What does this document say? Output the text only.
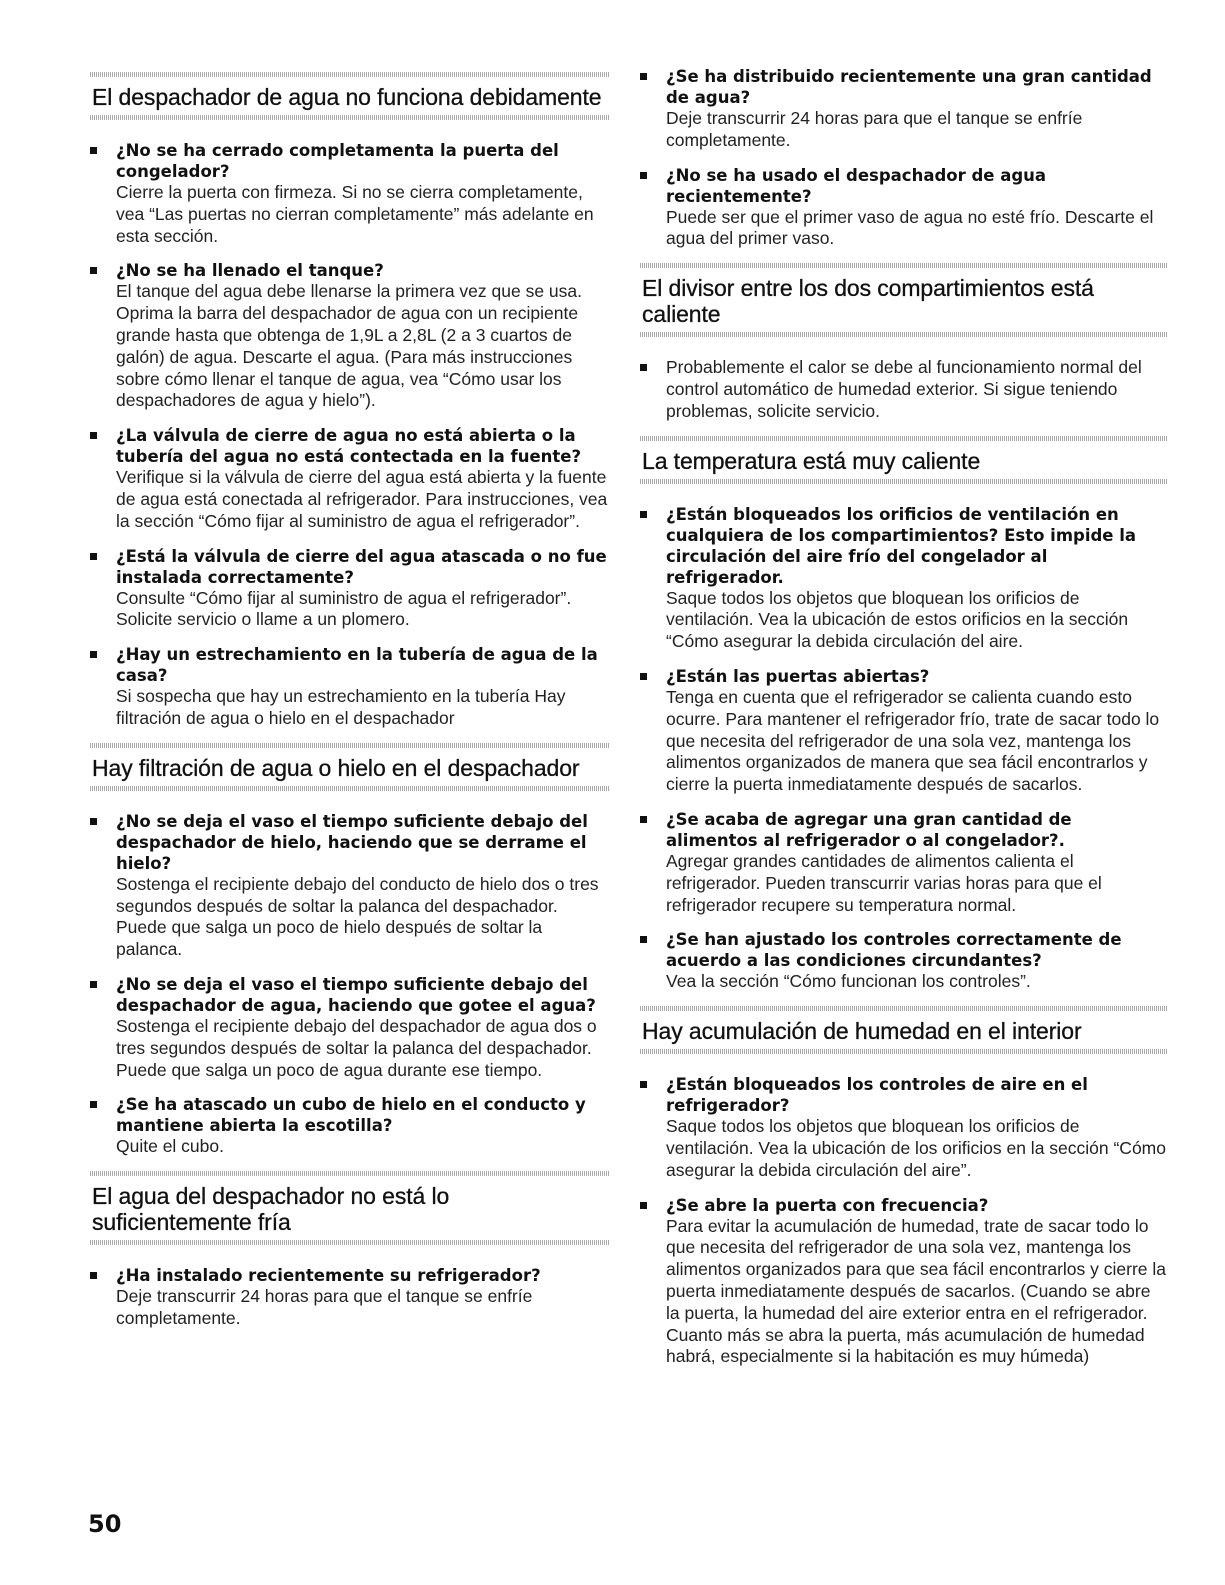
El despachador de agua no funciona debidamente
¿No se ha cerrado completamenta la puerta del congelador?
Cierre la puerta con firmeza. Si no se cierra completamente, vea “Las puertas no cierran completamente” más adelante en esta sección.
¿No se ha llenado el tanque?
El tanque del agua debe llenarse la primera vez que se usa. Oprima la barra del despachador de agua con un recipiente grande hasta que obtenga de 1,9L a 2,8L (2 a 3 cuartos de galón) de agua. Descarte el agua. (Para más instrucciones sobre cómo llenar el tanque de agua, vea “Cómo usar los despachadores de agua y hielo”).
¿La válvula de cierre de agua no está abierta o la tubería del agua no está contectada en la fuente?
Verifique si la válvula de cierre del agua está abierta y la fuente de agua está conectada al refrigerador. Para instrucciones, vea la sección “Cómo fijar al suministro de agua el refrigerador”.
¿Está la válvula de cierre del agua atascada o no fue instalada correctamente?
Consulte “Cómo fijar al suministro de agua el refrigerador”. Solicite servicio o llame a un plomero.
¿Hay un estrechamiento en la tubería de agua de la casa?
Si sospecha que hay un estrechamiento en la tubería Hay filtración de agua o hielo en el despachador
Hay filtración de agua o hielo en el despachador
¿No se deja el vaso el tiempo suficiente debajo del despachador de hielo, haciendo que se derrame el hielo?
Sostenga el recipiente debajo del conducto de hielo dos o tres segundos después de soltar la palanca del despachador. Puede que salga un poco de hielo después de soltar la palanca.
¿No se deja el vaso el tiempo suficiente debajo del despachador de agua, haciendo que gotee el agua?
Sostenga el recipiente debajo del despachador de agua dos o tres segundos después de soltar la palanca del despachador. Puede que salga un poco de agua durante ese tiempo.
¿Se ha atascado un cubo de hielo en el conducto y mantiene abierta la escotilla?
Quite el cubo.
El agua del despachador no está lo suficientemente fría
¿Ha instalado recientemente su refrigerador?
Deje transcurrir 24 horas para que el tanque se enfríe completamente.
¿Se ha distribuido recientemente una gran cantidad de agua?
Deje transcurrir 24 horas para que el tanque se enfríe completamente.
¿No se ha usado el despachador de agua recientemente?
Puede ser que el primer vaso de agua no esté frío. Descarte el agua del primer vaso.
El divisor entre los dos compartimientos está caliente
Probablemente el calor se debe al funcionamiento normal del control automático de humedad exterior. Si sigue teniendo problemas, solicite servicio.
La temperatura está muy caliente
¿Están bloqueados los orificios de ventilación en cualquiera de los compartimientos? Esto impide la circulación del aire frío del congelador al refrigerador.
Saque todos los objetos que bloquean los orificios de ventilación. Vea la ubicación de estos orificios en la sección “Cómo asegurar la debida circulación del aire.
¿Están las puertas abiertas?
Tenga en cuenta que el refrigerador se calienta cuando esto ocurre. Para mantener el refrigerador frío, trate de sacar todo lo que necesita del refrigerador de una sola vez, mantenga los alimentos organizados de manera que sea fácil encontrarlos y cierre la puerta inmediatamente después de sacarlos.
¿Se acaba de agregar una gran cantidad de alimentos al refrigerador o al congelador?.
Agregar grandes cantidades de alimentos calienta el refrigerador. Pueden transcurrir varias horas para que el refrigerador recupere su temperatura normal.
¿Se han ajustado los controles correctamente de acuerdo a las condiciones circundantes?
Vea la sección “Cómo funcionan los controles”.
Hay acumulación de humedad en el interior
¿Están bloqueados los controles de aire en el refrigerador?
Saque todos los objetos que bloquean los orificios de ventilación. Vea la ubicación de los orificios en la sección “Cómo asegurar la debida circulación del aire”.
¿Se abre la puerta con frecuencia?
Para evitar la acumulación de humedad, trate de sacar todo lo que necesita del refrigerador de una sola vez, mantenga los alimentos organizados para que sea fácil encontrarlos y cierre la puerta inmediatamente después de sacarlos. (Cuando se abre la puerta, la humedad del aire exterior entra en el refrigerador. Cuanto más se abra la puerta, más acumulación de humedad habrá, especialmente si la habitación es muy húmeda)
50
